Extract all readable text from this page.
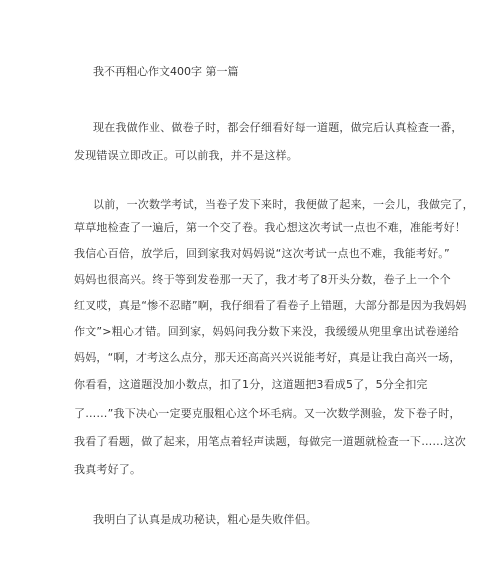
我不再粗心作文400字 第一篇
现在我做作业、做卷子时，都会仔细看好每一道题，做完后认真检查一番，
发现错误立即改正。可以前我，并不是这样。
以前，一次数学考试，当卷子发下来时，我便做了起来，一会儿，我做完了，
草草地检查了一遍后，第一个交了卷。我心想这次考试一点也不难，准能考好！
我信心百倍，放学后，回到家我对妈妈说“这次考试一点也不难，我能考好。”
妈妈也很高兴。终于等到发卷那一天了，我才考了8开头分数，卷子上一个个
红叉哎，真是“惨不忍睹”啊，我仔细看了看卷子上错题，大部分都是因为我妈妈
作文”>粗心才错。回到家，妈妈问我分数下来没，我缓缓从兜里拿出试卷递给
妈妈，“啊，才考这么点分，那天还高高兴兴说能考好，真是让我白高兴一场，
你看看，这道题没加小数点，扣了1分，这道题把3看成5了，5分全扣完
了……”我下决心一定要克服粗心这个坏毛病。又一次数学测验，发下卷子时，
我看了看题，做了起来，用笔点着轻声读题，每做完一道题就检查一下……这次
我真考好了。
我明白了认真是成功秘诀，粗心是失败伴侣。
